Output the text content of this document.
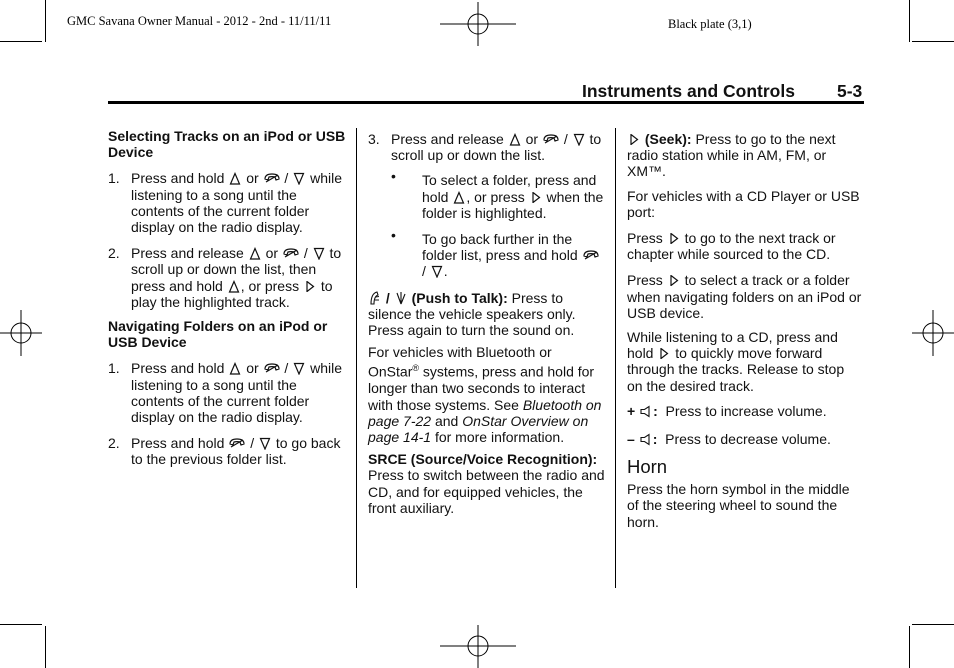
GMC Savana Owner Manual - 2012 - 2nd - 11/11/11	Black plate (3,1)
Instruments and Controls 5-3

Selecting Tracks on an iPod or USB Device

1. Press and hold or / while listening to a song until the contents of the current folder display on the radio display.
2. Press and release or / to scroll up or down the list, then press and hold , or press to play the highlighted track.

Navigating Folders on an iPod or USB Device

1. Press and hold or / while listening to a song until the contents of the current folder display on the radio display.
2. Press and hold / to go back to the previous folder list.
3. Press and release or / to scroll up or down the list.
• To select a folder, press and hold , or press when the folder is highlighted.
• To go back further in the folder list, press and hold  / .

/ (Push to Talk): Press to silence the vehicle speakers only. Press again to turn the sound on.

For vehicles with Bluetooth or OnStar® systems, press and hold for longer than two seconds to interact with those systems. See Bluetooth on page 7-22 and OnStar Overview on page 14-1 for more information.

SRCE (Source/Voice Recognition): Press to switch between the radio and CD, and for equipped vehicles, the front auxiliary.

(Seek): Press to go to the next radio station while in AM, FM, or XM™.

For vehicles with a CD Player or USB port:

Press to go to the next track or chapter while sourced to the CD.

Press to select a track or a folder when navigating folders on an iPod or USB device.

While listening to a CD, press and hold to quickly move forward through the tracks. Release to stop on the desired track.

+ : Press to increase volume.

– : Press to decrease volume.

Horn

Press the horn symbol in the middle of the steering wheel to sound the horn.
